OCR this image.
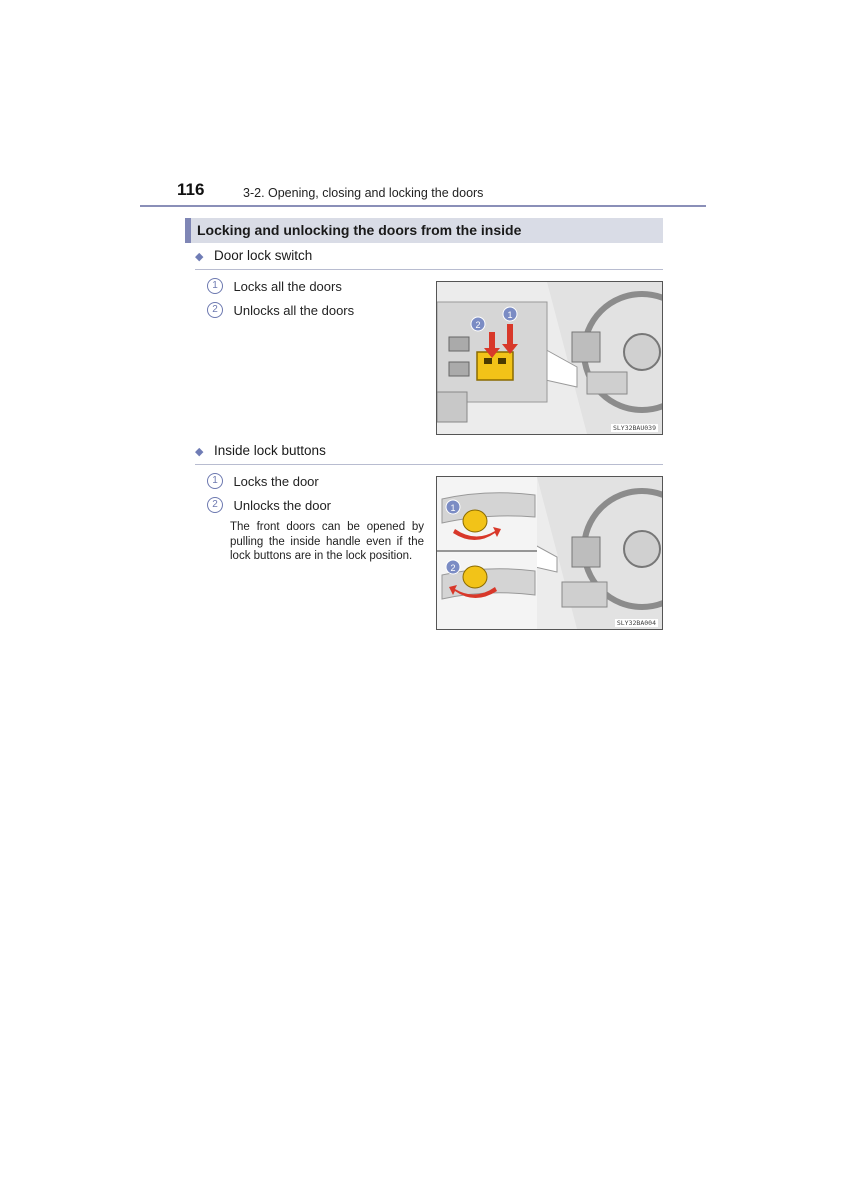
116	3-2. Opening, closing and locking the doors
Locking and unlocking the doors from the inside
◆ Door lock switch
1 Locks all the doors
2 Unlocks all the doors
2
1
SLY32BAU039
◆ Inside lock buttons
1 Locks the door
2 Unlocks the door
The front doors can be opened by pulling the inside handle even if the lock buttons are in the lock position.
1
2
SLY32BA004
